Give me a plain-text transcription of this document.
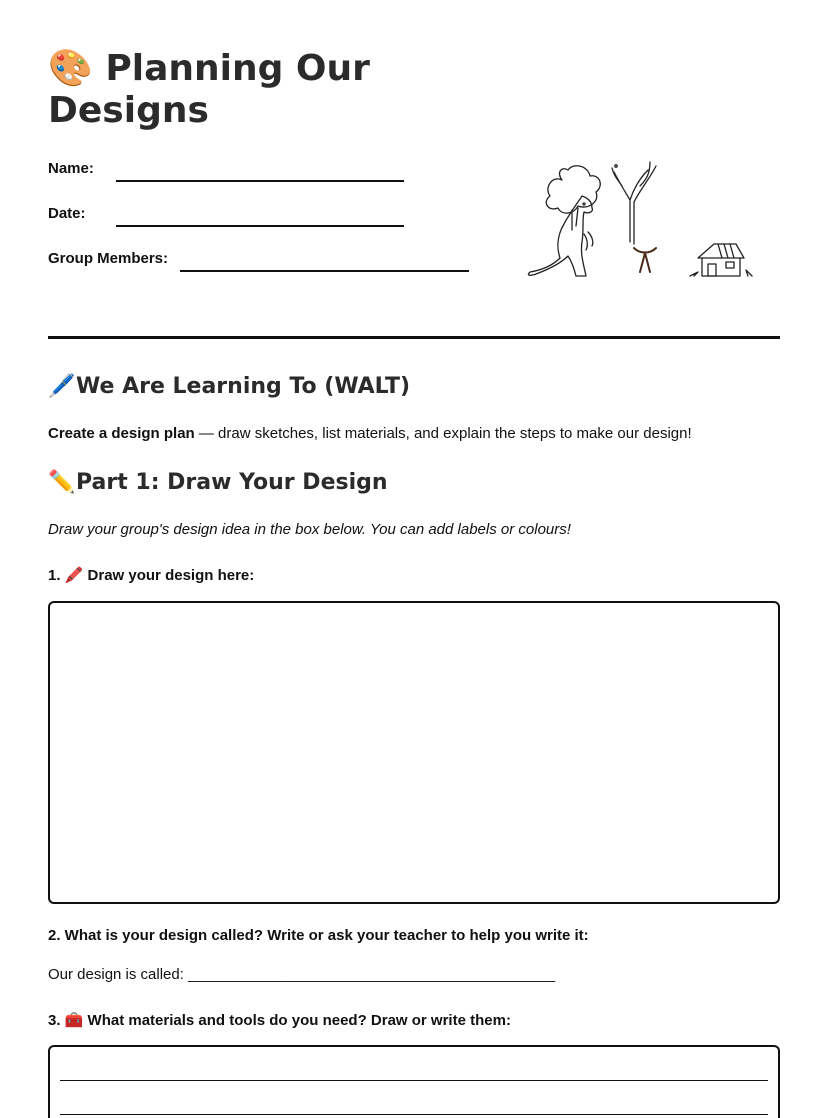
🎨 Planning Our Designs
Name:
Date:
Group Members:
🖊️We Are Learning To (WALT)
Create a design plan — draw sketches, list materials, and explain the steps to make our design!
✏️Part 1: Draw Your Design
Draw your group's design idea in the box below. You can add labels or colours!
1. 🖍️ Draw your design here:
2. What is your design called? Write or ask your teacher to help you write it:
Our design is called: ____________________________________________
3. 🧰 What materials and tools do you need? Draw or write them:
